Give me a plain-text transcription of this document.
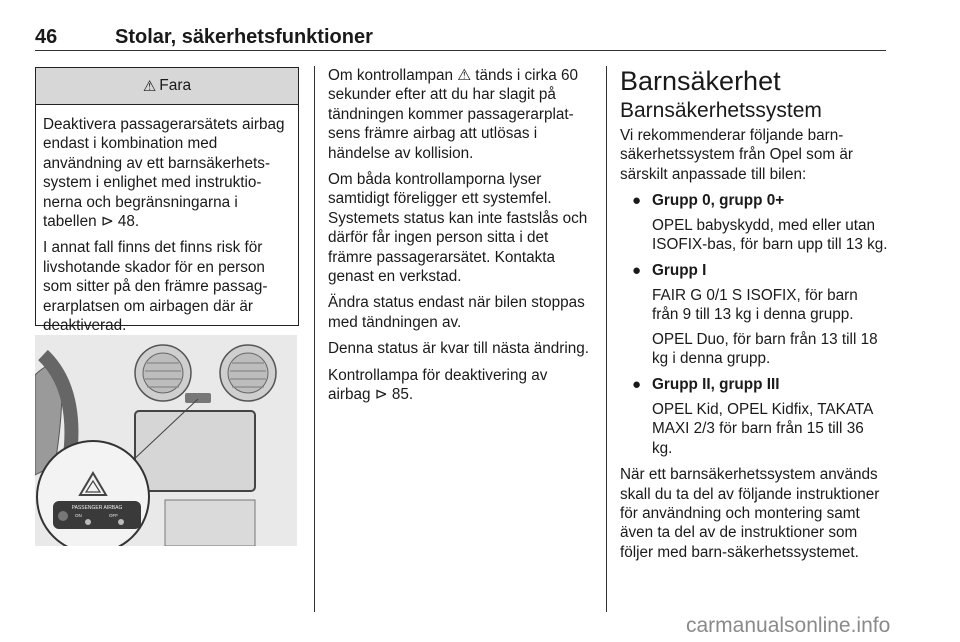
46	Stolar, säkerhetsfunktioner
⚠ Fara

Deaktivera passagerarsätets airbag endast i kombination med användning av ett barnsäkerhets-system i enlighet med instruktio-nerna och begränsningarna i tabellen ⊳ 48.

I annat fall finns det finns risk för livshotande skador för en person som sitter på den främre passag-erarplatsen om airbagen där är deaktiverad.

PASSENGER AIRBAG
ON	OFF

Om kontrollampan ⚠ tänds i cirka 60 sekunder efter att du har slagit på tändningen kommer passagerarplat-sens främre airbag att utlösas i händelse av kollision.

Om båda kontrollamporna lyser samtidigt föreligger ett systemfel. Systemets status kan inte fastslås och därför får ingen person sitta i det främre passagerarsätet. Kontakta genast en verkstad.

Ändra status endast när bilen stoppas med tändningen av.

Denna status är kvar till nästa ändring.

Kontrollampa för deaktivering av airbag ⊳ 85.

Barnsäkerhet
Barnsäkerhetssystem

Vi rekommenderar följande barn-säkerhetssystem från Opel som är särskilt anpassade till bilen:

● Grupp 0, grupp 0+
OPEL babyskydd, med eller utan ISOFIX-bas, för barn upp till 13 kg.
● Grupp I
FAIR G 0/1 S ISOFIX, för barn från 9 till 13 kg i denna grupp.
OPEL Duo, för barn från 13 till 18 kg i denna grupp.
● Grupp II, grupp III
OPEL Kid, OPEL Kidfix, TAKATA MAXI 2/3 för barn från 15 till 36 kg.

När ett barnsäkerhetssystem används skall du ta del av följande instruktioner för användning och montering samt även ta del av de instruktioner som följer med barn-säkerhetssystemet.

carmanualsonline.info
